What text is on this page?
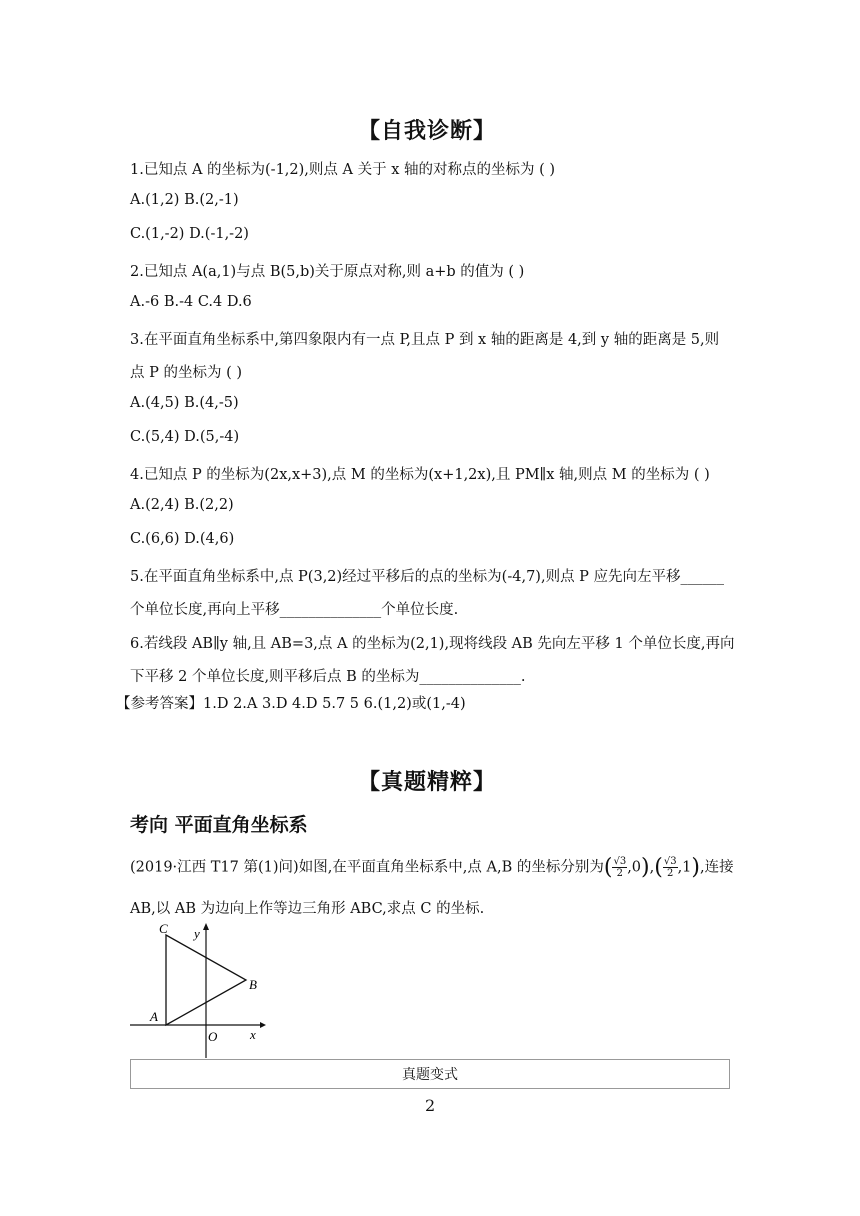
【自我诊断】
1.已知点 A 的坐标为(-1,2),则点 A 关于 x 轴的对称点的坐标为 ( )
A.(1,2) B.(2,-1)
C.(1,-2) D.(-1,-2)
2.已知点 A(a,1)与点 B(5,b)关于原点对称,则 a+b 的值为 ( )
A.-6 B.-4 C.4 D.6
3.在平面直角坐标系中,第四象限内有一点 P,且点 P 到 x 轴的距离是 4,到 y 轴的距离是 5,则
点 P 的坐标为 ( )
A.(4,5) B.(4,-5)
C.(5,4) D.(5,-4)
4.已知点 P 的坐标为(2x,x+3),点 M 的坐标为(x+1,2x),且 PM∥x 轴,则点 M 的坐标为 ( )
A.(2,4) B.(2,2)
C.(6,6) D.(4,6)
5.在平面直角坐标系中,点 P(3,2)经过平移后的点的坐标为(-4,7),则点 P 应先向左平移______
个单位长度,再向上平移______________个单位长度.
6.若线段 AB∥y 轴,且 AB=3,点 A 的坐标为(2,1),现将线段 AB 先向左平移 1 个单位长度,再向
下平移 2 个单位长度,则平移后点 B 的坐标为______________.
【参考答案】1.D 2.A 3.D 4.D 5.7 5 6.(1,2)或(1,-4)
【真题精粹】
考向 平面直角坐标系
(2019·江西 T17 第(1)问)如图,在平面直角坐标系中,点 A,B 的坐标分别为( $\frac{√3}{2} ,0),( \frac{√3}{2} ,1)$,连接
AB,以 AB 为边向上作等边三角形 ABC,求点 C 的坐标.
C y
B
A
O	x
真题变式
2
